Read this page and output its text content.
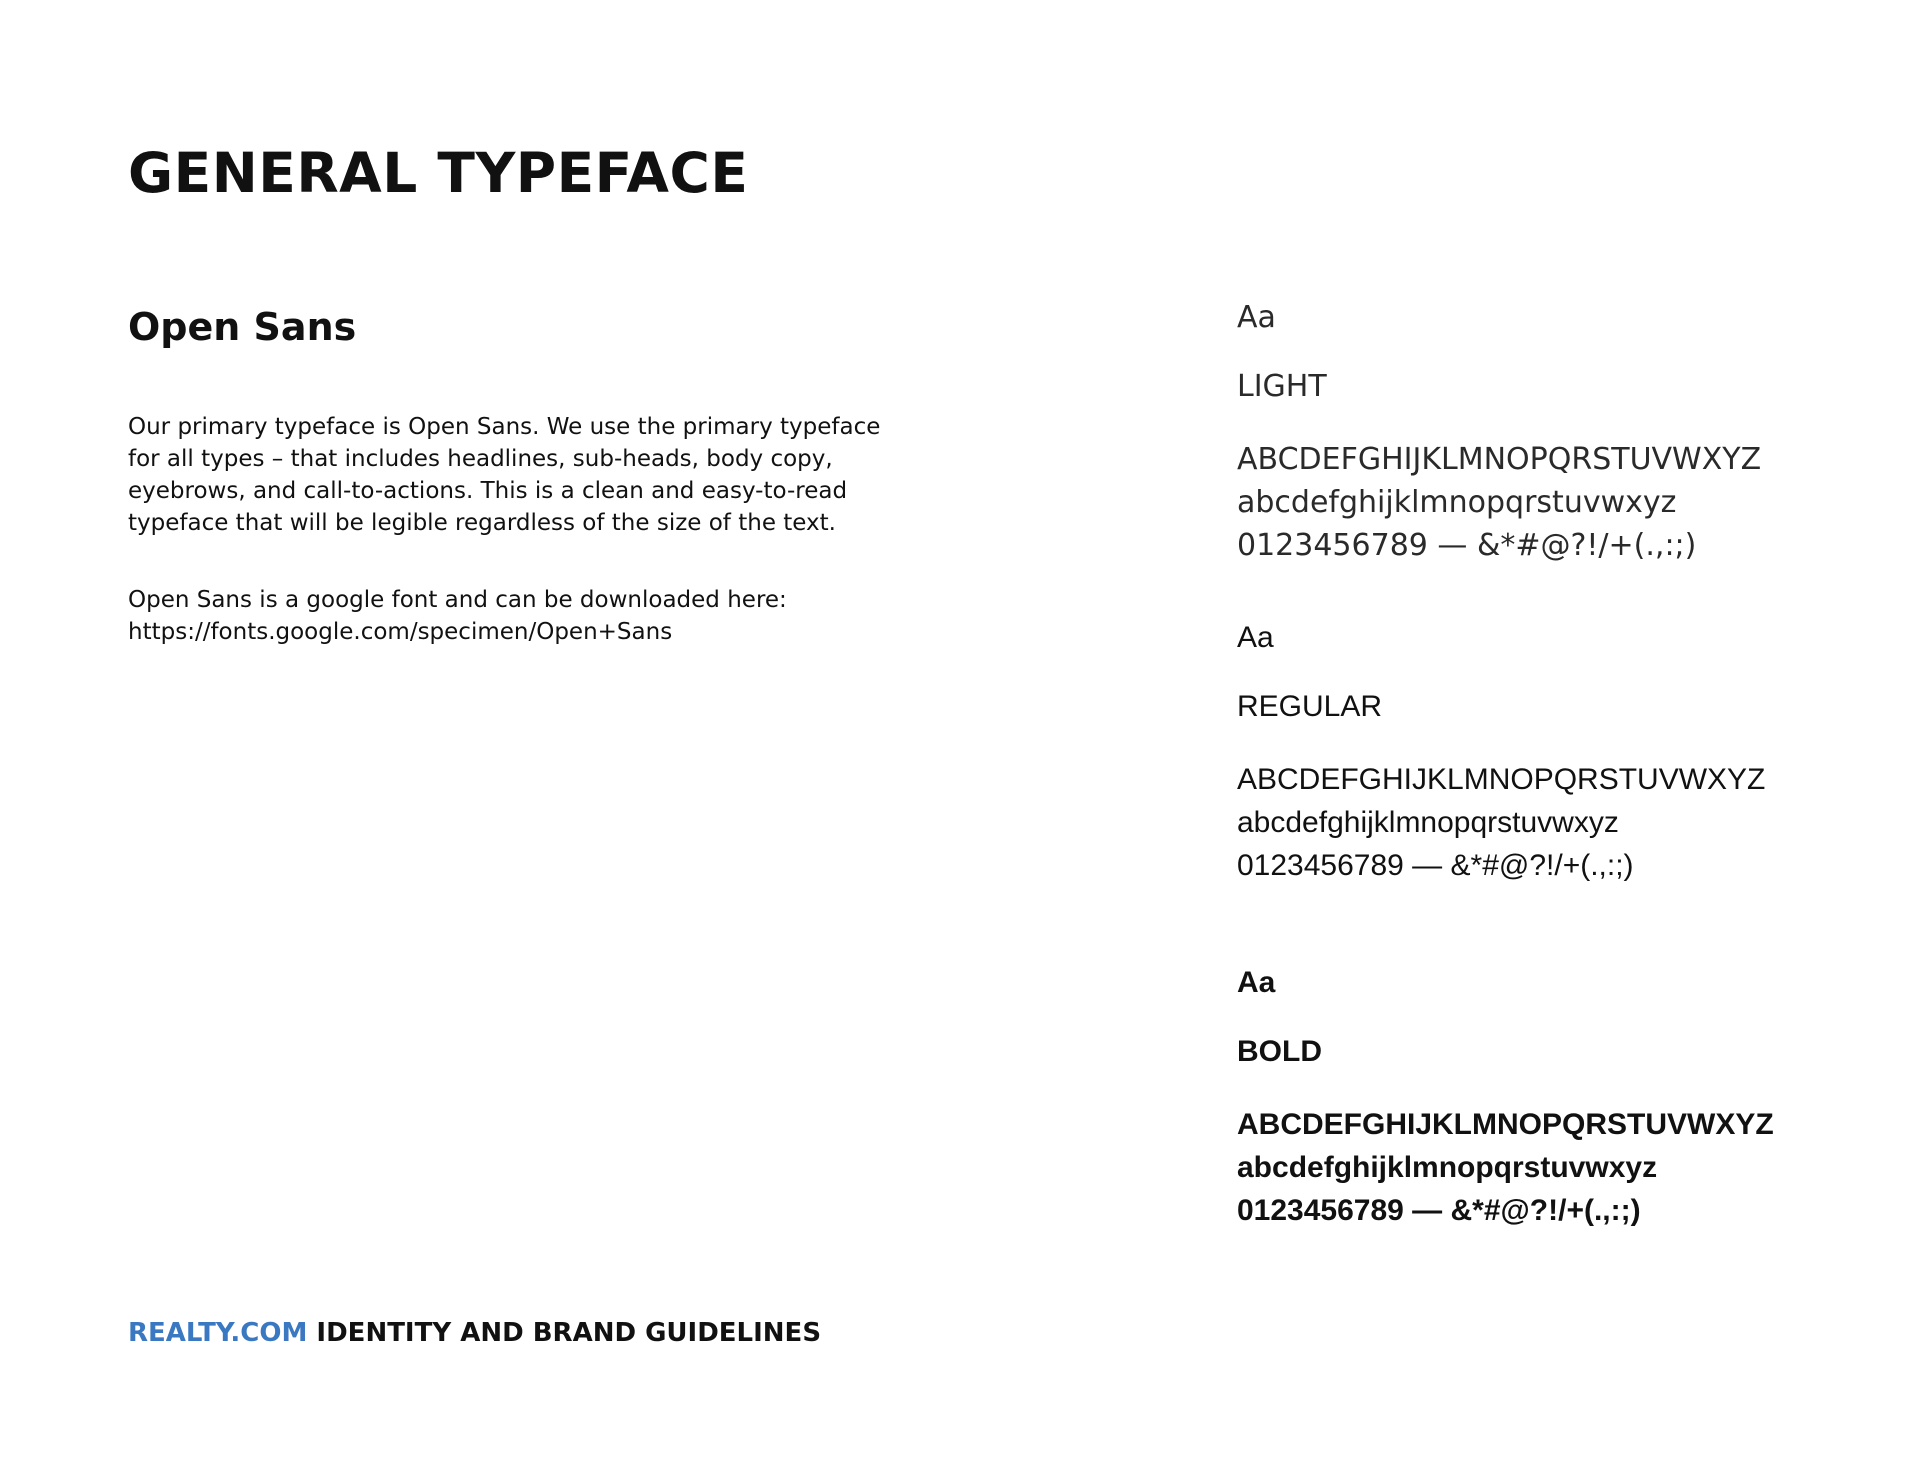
GENERAL TYPEFACE
Open Sans

Our primary typeface is Open Sans. We use the primary typeface for all types – that includes headlines, sub-heads, body copy, eyebrows, and call-to-actions. This is a clean and easy-to-read typeface that will be legible regardless of the size of the text.

Open Sans is a google font and can be downloaded here:
https://fonts.google.com/specimen/Open+Sans

Aa
LIGHT
ABCDEFGHIJKLMNOPQRSTUVWXYZ
abcdefghijklmnopqrstuvwxyz
0123456789 — &*#@?!/+(.,:;)
Aa
REGULAR
ABCDEFGHIJKLMNOPQRSTUVWXYZ
abcdefghijklmnopqrstuvwxyz
0123456789 — &*#@?!/+(.,:;)
Aa
BOLD
ABCDEFGHIJKLMNOPQRSTUVWXYZ
abcdefghijklmnopqrstuvwxyz
0123456789 — &*#@?!/+(.,:;)
REALTY.COM IDENTITY AND BRAND GUIDELINES
